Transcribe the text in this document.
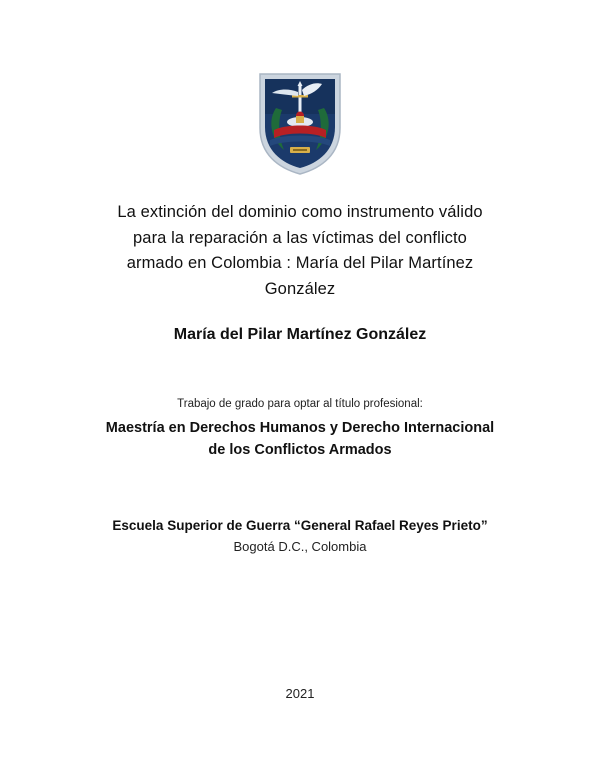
La extinción del dominio como instrumento válido
para la reparación a las víctimas del conflicto
armado en Colombia : María del Pilar Martínez
González
María del Pilar Martínez González
Trabajo de grado para optar al título profesional:
Maestría en Derechos Humanos y Derecho Internacional
de los Conflictos Armados
Escuela Superior de Guerra “General Rafael Reyes Prieto”
Bogotá D.C., Colombia
2021
